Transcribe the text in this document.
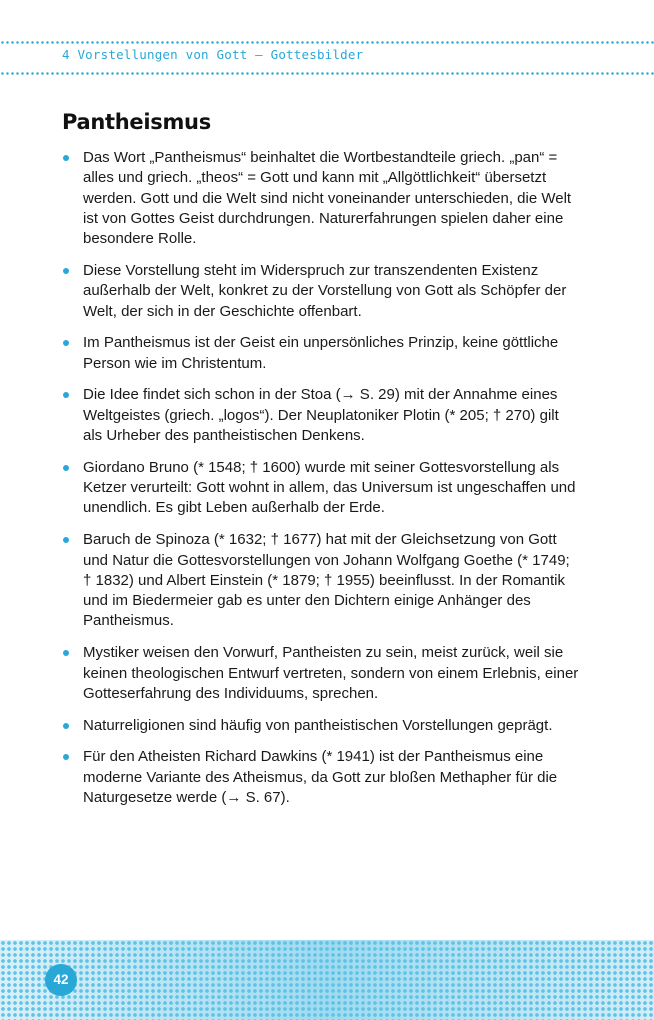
4 Vorstellungen von Gott – Gottesbilder
Pantheismus
Das Wort „Pantheismus“ beinhaltet die Wortbestandteile griech. „pan“ = alles und griech. „theos“ = Gott und kann mit „Allgöttlichkeit“ übersetzt werden. Gott und die Welt sind nicht voneinander unterschieden, die Welt ist von Gottes Geist durchdrungen. Naturerfahrungen spielen daher eine besondere Rolle.
Diese Vorstellung steht im Widerspruch zur transzendenten Existenz außerhalb der Welt, konkret zu der Vorstellung von Gott als Schöpfer der Welt, der sich in der Geschichte offenbart.
Im Pantheismus ist der Geist ein unpersönliches Prinzip, keine göttliche Person wie im Christentum.
Die Idee findet sich schon in der Stoa (→ S. 29) mit der Annahme eines Weltgeistes (griech. „logos“). Der Neuplatoniker Plotin (* 205; † 270) gilt als Urheber des pantheistischen Denkens.
Giordano Bruno (* 1548; † 1600) wurde mit seiner Gottesvorstellung als Ketzer verurteilt: Gott wohnt in allem, das Universum ist ungeschaffen und unendlich. Es gibt Leben außerhalb der Erde.
Baruch de Spinoza (* 1632; † 1677) hat mit der Gleichsetzung von Gott und Natur die Gottesvorstellungen von Johann Wolfgang Goethe (* 1749; † 1832) und Albert Einstein (* 1879; † 1955) beeinflusst. In der Romantik und im Biedermeier gab es unter den Dichtern einige Anhänger des Pantheismus.
Mystiker weisen den Vorwurf, Pantheisten zu sein, meist zurück, weil sie keinen theologischen Entwurf vertreten, sondern von einem Erlebnis, einer Gotteserfahrung des Individuums, sprechen.
Naturreligionen sind häufig von pantheistischen Vorstellungen geprägt.
Für den Atheisten Richard Dawkins (* 1941) ist der Pantheismus eine moderne Variante des Atheismus, da Gott zur bloßen Methapher für die Naturgesetze werde (→ S. 67).
42
